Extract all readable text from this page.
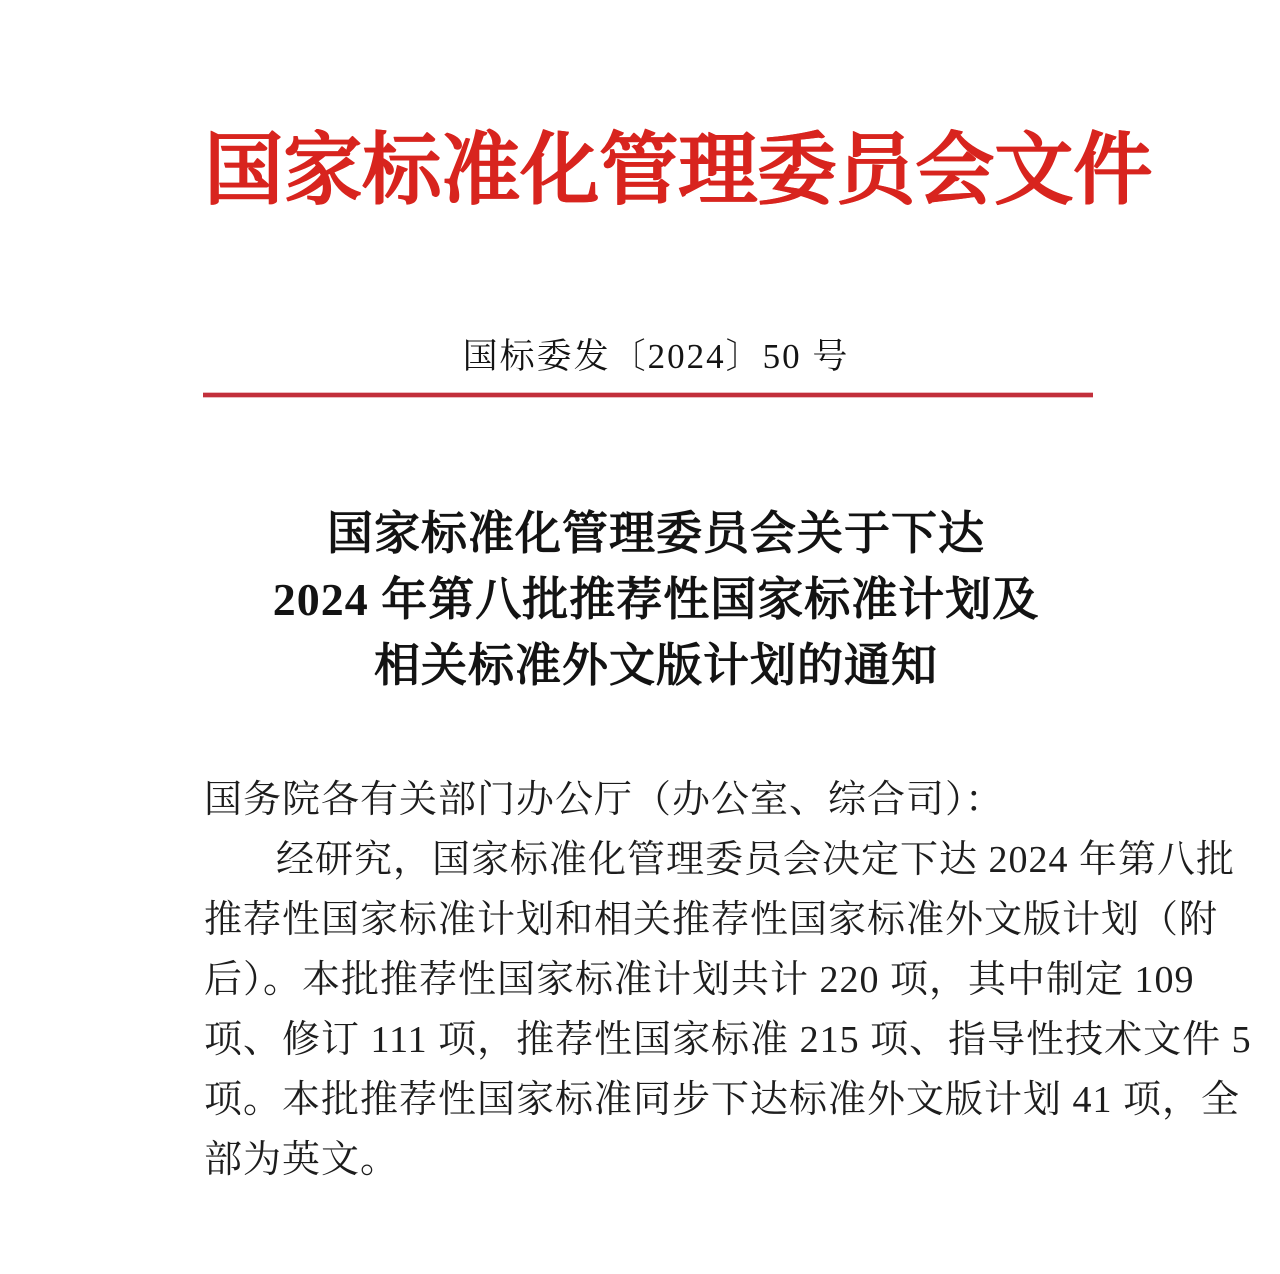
国家标准化管理委员会文件
国标委发〔2024〕50 号
国家标准化管理委员会关于下达
2024 年第八批推荐性国家标准计划及
相关标准外文版计划的通知
国务院各有关部门办公厅（办公室、综合司）：
经研究，国家标准化管理委员会决定下达 2024 年第八批
推荐性国家标准计划和相关推荐性国家标准外文版计划（附
后）。本批推荐性国家标准计划共计 220 项，其中制定 109
项、修订 111 项，推荐性国家标准 215 项、指导性技术文件 5
项。本批推荐性国家标准同步下达标准外文版计划 41 项，全
部为英文。
